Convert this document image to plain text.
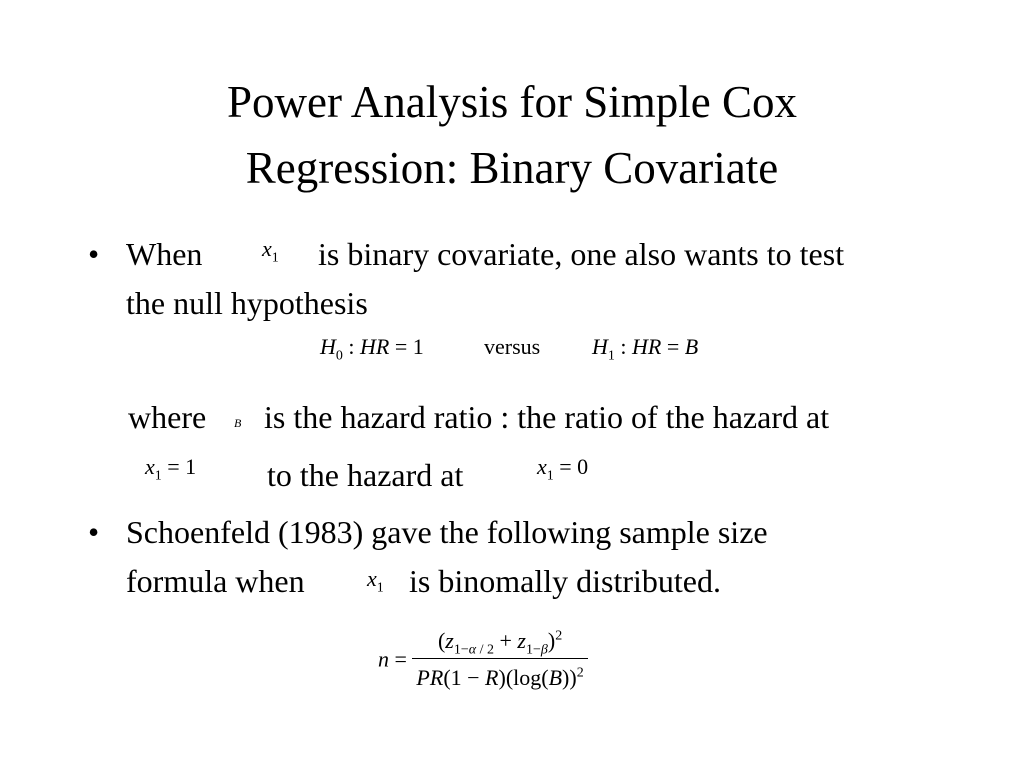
Power Analysis for Simple Cox
Regression: Binary Covariate
• When	$x_1$ is binary covariate, one also wants to test
the null hypothesis
$H_0$ : HR = 1	versus $H_1$ : HR = B
where B is the hazard ratio : the ratio of the hazard at
$x_1 = 1$ to the hazard at	$x_1 = 0$
• Schoenfeld (1983) gave the following sample size
formula when	$x_1$ is binomally distributed.
$n = \frac{(z_{1-\alpha / 2} + z_{1-\beta})^2}{PR(1 - R)(\log(B))^2}$
